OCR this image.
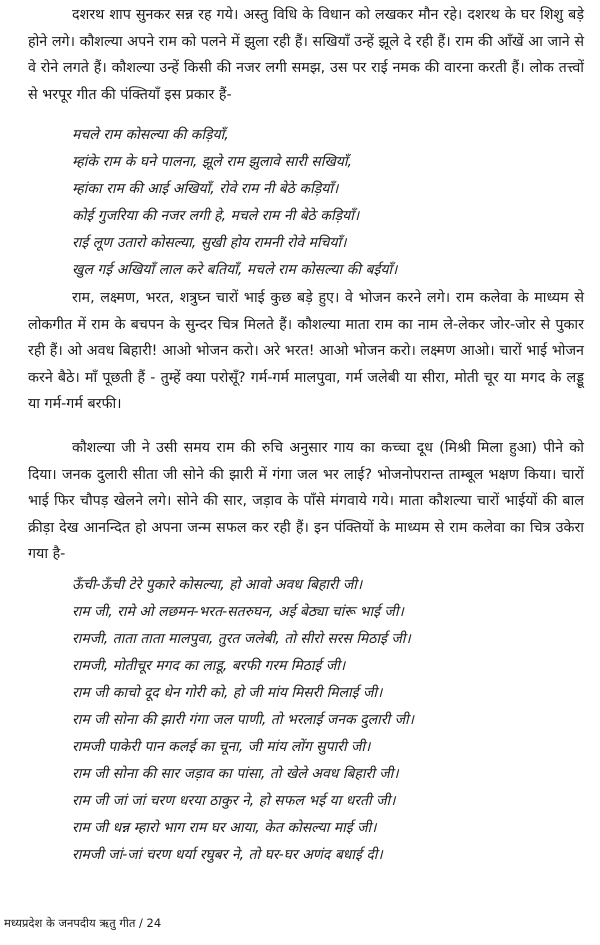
दशरथ शाप सुनकर सन्न रह गये। अस्तु विधि के विधान को लखकर मौन रहे। दशरथ के घर शिशु बड़े होने लगे। कौशल्या अपने राम को पलने में झुला रही हैं। सखियाँ उन्हें झूले दे रही हैं। राम की आँखें आ जाने से वे रोने लगते हैं। कौशल्या उन्हें किसी की नजर लगी समझ, उस पर राई नमक की वारना करती हैं। लोक तत्त्वों से भरपूर गीत की पंक्तियाँ इस प्रकार हैं-

मचले राम कोसल्या की कड़ियाँ,
म्हांके राम के घने पालना, झूले राम झुलावे सारी सखियाँ,
म्हांका राम की आई अखियाँ, रोवे राम नी बेठे कड़ियाँ।
कोई गुजरिया की नजर लगी हे, मचले राम नी बेठे कड़ियाँ।
राई लूण उतारो कोसल्या, सुखी होय रामनी रोवे मचियाँ।
खुल गई अखियाँ लाल करे बतियाँ, मचले राम कोसल्या की बईयाँ।

राम, लक्ष्मण, भरत, शत्रुघ्न चारों भाई कुछ बड़े हुए। वे भोजन करने लगे। राम कलेवा के माध्यम से लोकगीत में राम के बचपन के सुन्दर चित्र मिलते हैं। कौशल्या माता राम का नाम ले-लेकर जोर-जोर से पुकार रही हैं। ओ अवध बिहारी! आओ भोजन करो। अरे भरत! आओ भोजन करो। लक्ष्मण आओ। चारों भाई भोजन करने बैठे। माँ पूछती हैं - तुम्हें क्या परोसूँ? गर्म-गर्म मालपुवा, गर्म जलेबी या सीरा, मोती चूर या मगद के लड्डू या गर्म-गर्म बरफी।

कौशल्या जी ने उसी समय राम की रुचि अनुसार गाय का कच्चा दूध (मिश्री मिला हुआ) पीने को दिया। जनक दुलारी सीता जी सोने की झारी में गंगा जल भर लाई? भोजनोपरान्त ताम्बूल भक्षण किया। चारों भाई फिर चौपड़ खेलने लगे। सोने की सार, जड़ाव के पाँसे मंगवाये गये। माता कौशल्या चारों भाईयों की बाल क्रीड़ा देख आनन्दित हो अपना जन्म सफल कर रही हैं। इन पंक्तियों के माध्यम से राम कलेवा का चित्र उकेरा गया है-

ऊँची-ऊँची टेरे पुकारे कोसल्या, हो आवो अवध बिहारी जी।
राम जी, रामे ओ लछमन-भरत-सतरुघन, अई बेठ्या चांरू भाई जी।
रामजी, ताता ताता मालपुवा, तुरत जलेबी, तो सीरो सरस मिठाई जी।
रामजी, मोतीचूर मगद का लाडू, बरफी गरम मिठाई जी।
राम जी काचो दूद धेन गोरी को, हो जी मांय मिसरी मिलाई जी।
राम जी सोना की झारी गंगा जल पाणी, तो भरलाई जनक दुलारी जी।
रामजी पाकेरी पान कलई का चूना, जी मांय लोंग सुपारी जी।
राम जी सोना की सार जड़ाव का पांसा, तो खेले अवध बिहारी जी।
राम जी जां जां चरण धरया ठाकुर ने, हो सफल भई या धरती जी।
राम जी धन्न म्हारो भाग राम घर आया, केत कोसल्या माई जी।
रामजी जां-जां चरण धर्या रघुबर ने, तो घर-घर अणंद बधाई दी।
मध्यप्रदेश के जनपदीय ऋतु गीत / 24
